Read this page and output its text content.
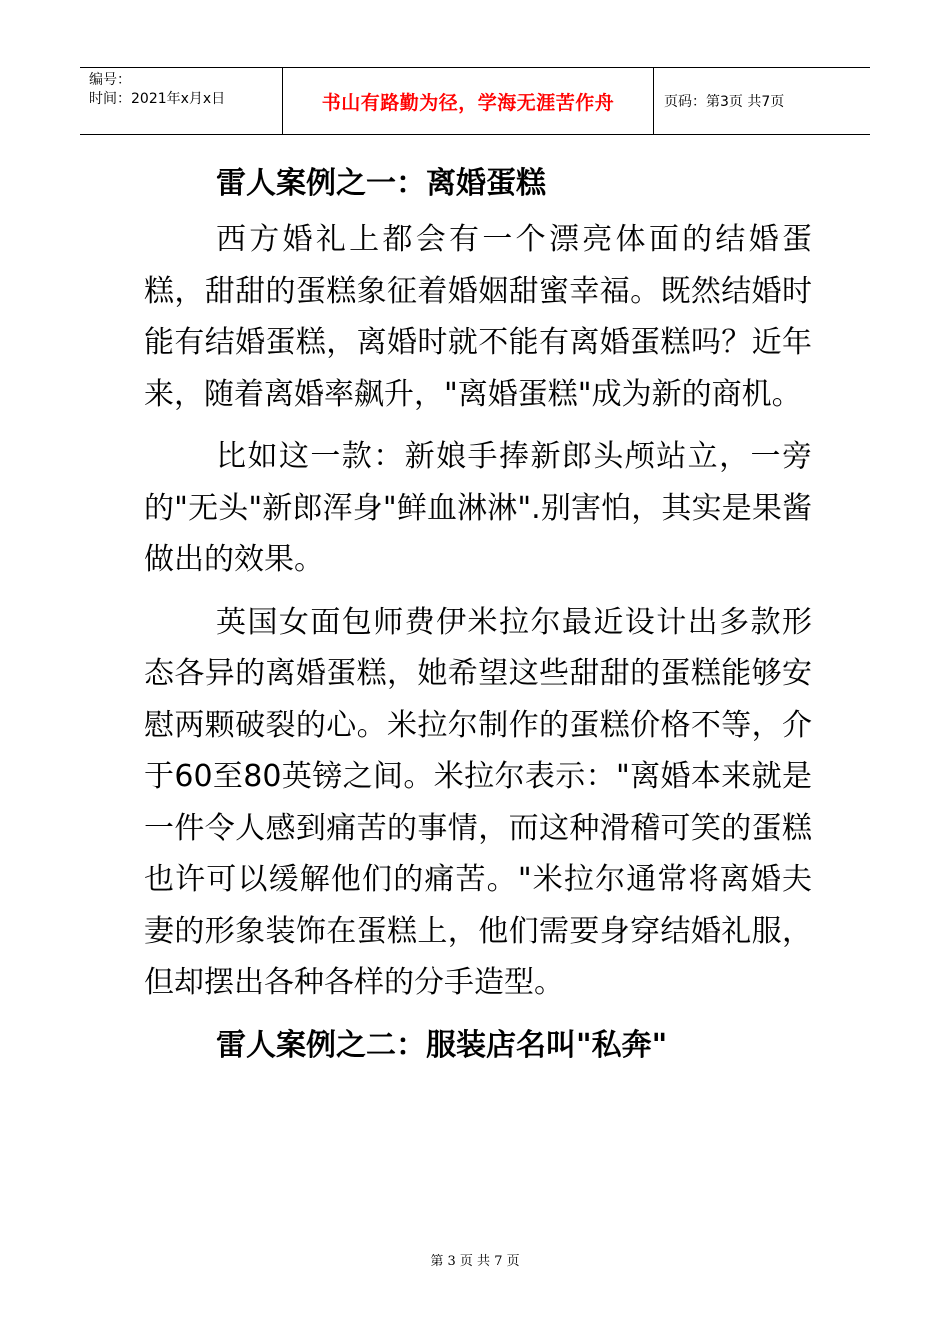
编号：
时间：2021年x月x日	书山有路勤为径，学海无涯苦作舟	页码：第3页 共7页
雷人案例之一：离婚蛋糕

西方婚礼上都会有一个漂亮体面的结婚蛋糕，甜甜的蛋糕象征着婚姻甜蜜幸福。既然结婚时能有结婚蛋糕，离婚时就不能有离婚蛋糕吗？近年来，随着离婚率飙升，"离婚蛋糕"成为新的商机。

比如这一款：新娘手捧新郎头颅站立，一旁的"无头"新郎浑身"鲜血淋淋".别害怕，其实是果酱做出的效果。

英国女面包师费伊米拉尔最近设计出多款形态各异的离婚蛋糕，她希望这些甜甜的蛋糕能够安慰两颗破裂的心。米拉尔制作的蛋糕价格不等，介于60至80英镑之间。米拉尔表示："离婚本来就是一件令人感到痛苦的事情，而这种滑稽可笑的蛋糕也许可以缓解他们的痛苦。"米拉尔通常将离婚夫妻的形象装饰在蛋糕上，他们需要身穿结婚礼服，但却摆出各种各样的分手造型。

雷人案例之二：服装店名叫"私奔"
第 3 页 共 7 页
